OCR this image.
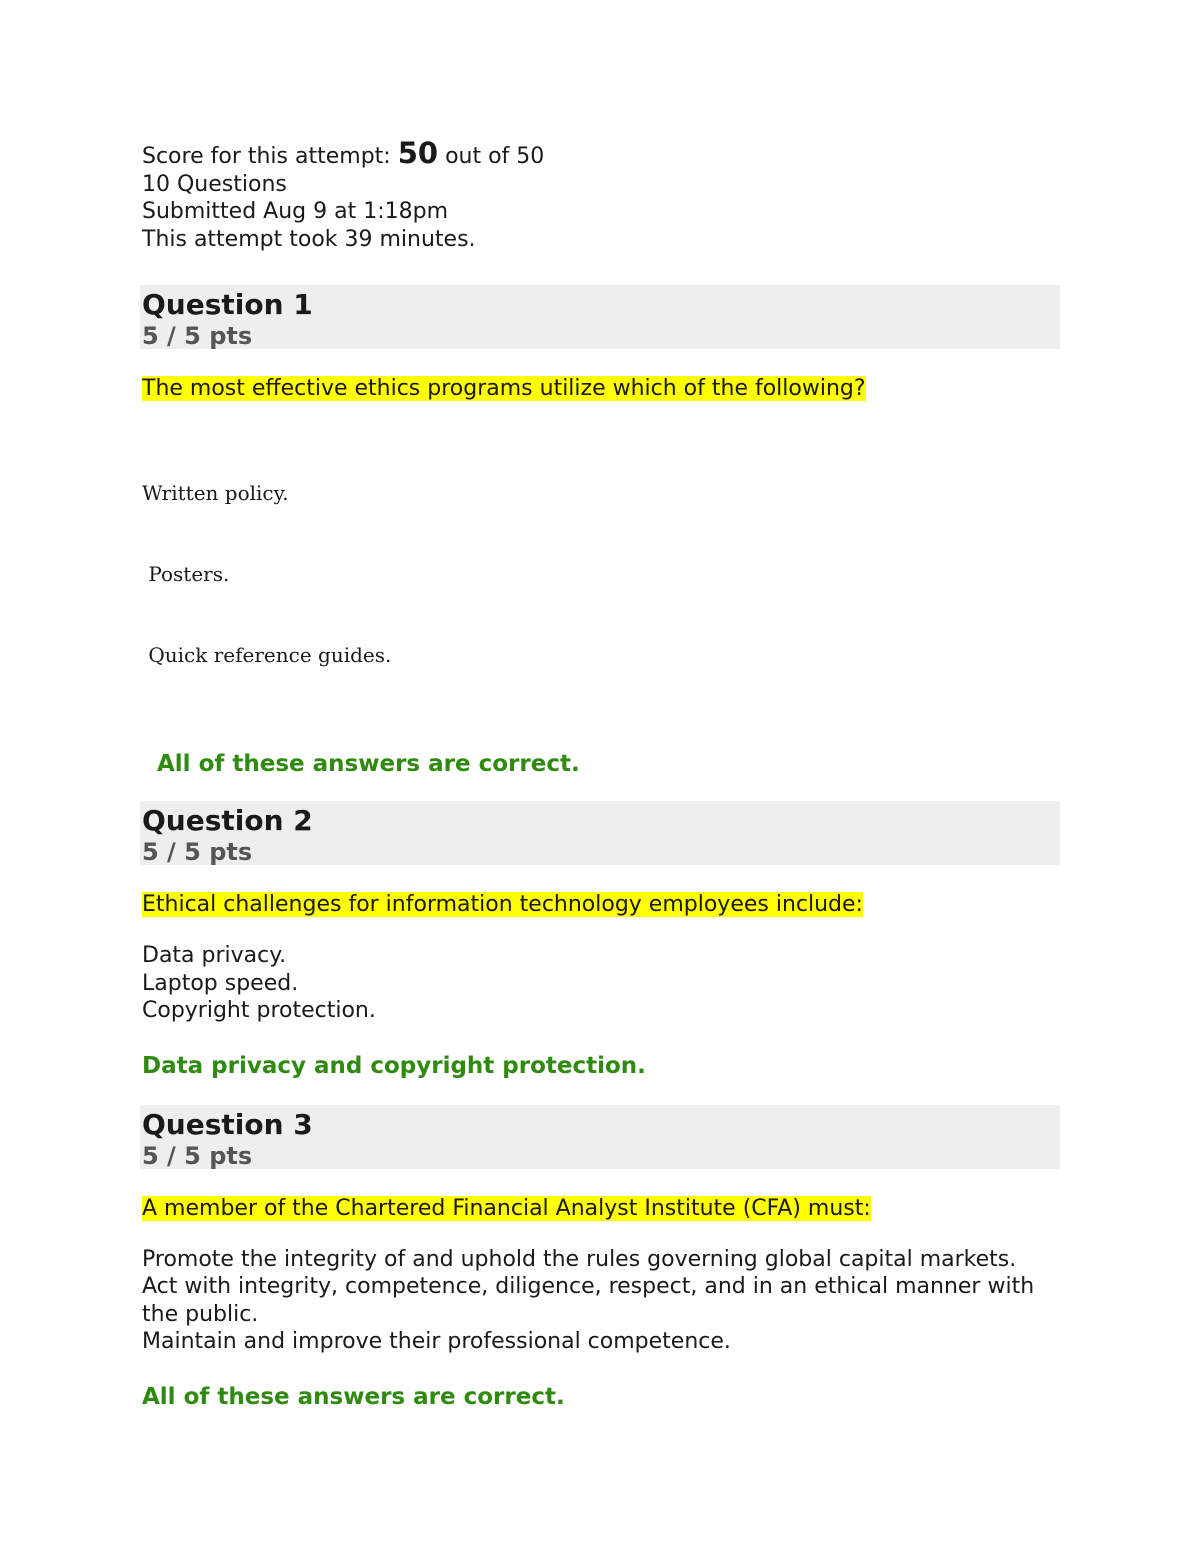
Score for this attempt: 50 out of 50
10 Questions
Submitted Aug 9 at 1:18pm
This attempt took 39 minutes.
Question 1
5 / 5 pts
The most effective ethics programs utilize which of the following?

Written policy.

Posters.

Quick reference guides.

All of these answers are correct.
Question 2
5 / 5 pts
Ethical challenges for information technology employees include:
Data privacy.
Laptop speed.
Copyright protection.
Data privacy and copyright protection.
Question 3
5 / 5 pts
A member of the Chartered Financial Analyst Institute (CFA) must:
Promote the integrity of and uphold the rules governing global capital markets.
Act with integrity, competence, diligence, respect, and in an ethical manner with the public.
Maintain and improve their professional competence.
All of these answers are correct.
